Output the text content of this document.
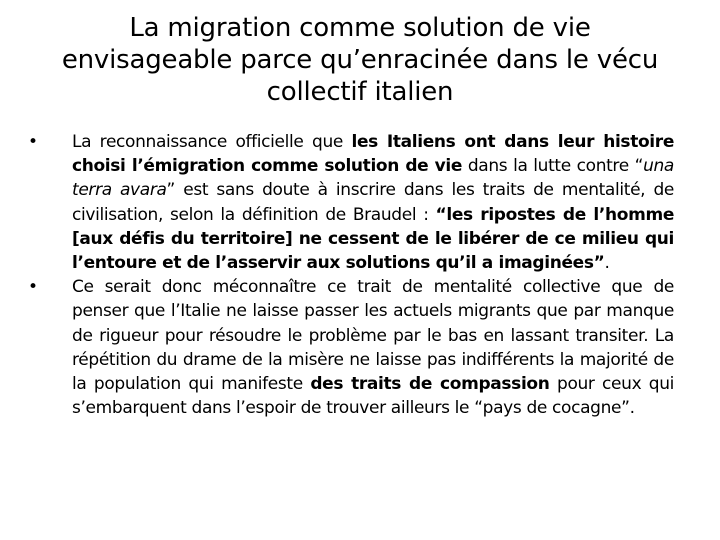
La migration comme solution de vie
envisageable parce qu’enracinée dans le vécu
collectif italien
• La reconnaissance officielle que les Italiens ont dans leur histoire choisi l’émigration comme solution de vie dans la lutte contre “una terra avara” est sans doute à inscrire dans les traits de mentalité, de civilisation, selon la définition de Braudel : “les ripostes de l’homme [aux défis du territoire] ne cessent de le libérer de ce milieu qui l’entoure et de l’asservir aux solutions qu’il a imaginées”.
• Ce serait donc méconnaître ce trait de mentalité collective que de penser que l’Italie ne laisse passer les actuels migrants que par manque de rigueur pour résoudre le problème par le bas en lassant transiter. La répétition du drame de la misère ne laisse pas indifférents la majorité de la population qui manifeste des traits de compassion pour ceux qui s’embarquent dans l’espoir de trouver ailleurs le “pays de cocagne”.
